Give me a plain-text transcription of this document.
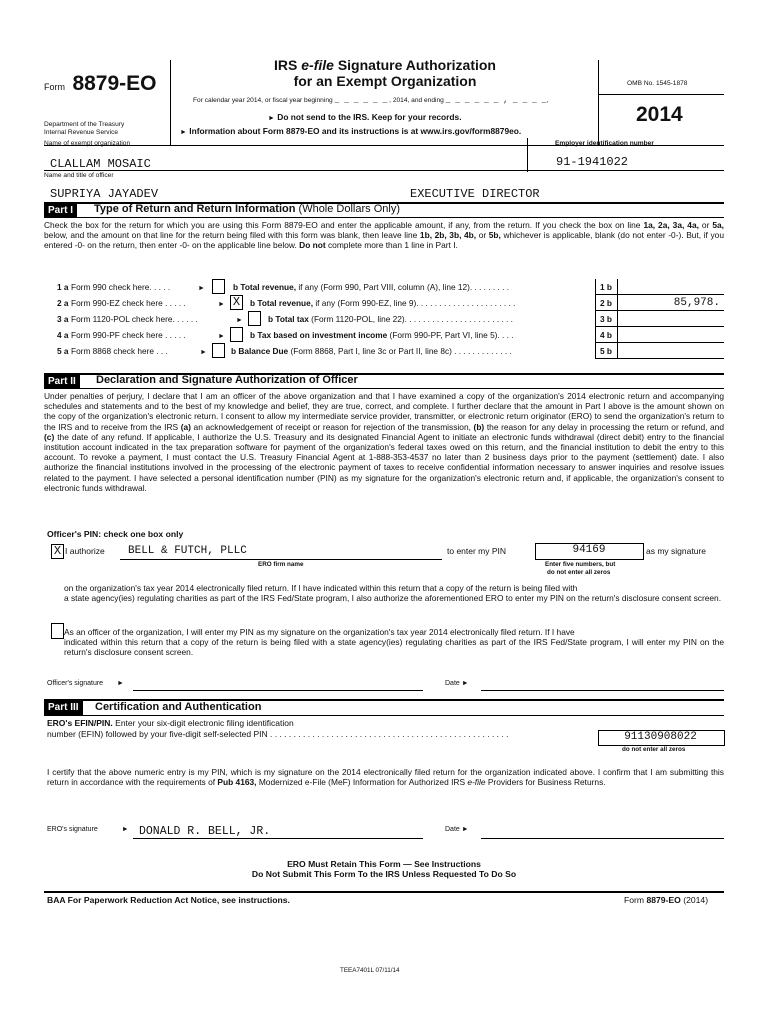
Form 8879-EO
IRS e-file Signature Authorization
for an Exempt Organization
For calendar year 2014, or fiscal year beginning _ _ _ _ _ _ , 2014, and ending _ _ _ _ _ _ , _ _ _ _,
Department of the Treasury
Internal Revenue Service
► Do not send to the IRS. Keep for your records.
► Information about Form 8879-EO and its instructions is at www.irs.gov/form8879eo.
OMB No. 1545-1878
2014
Name of exempt organization	Employer identification number
CLALLAM MOSAIC	91-1941022
Name and title of officer
SUPRIYA JAYADEV	EXECUTIVE DIRECTOR
Part I	Type of Return and Return Information (Whole Dollars Only)
Check the box for the return for which you are using this Form 8879-EO and enter the applicable amount, if any, from the return. If you check the box on line 1a, 2a, 3a, 4a, or 5a, below, and the amount on that line for the return being filed with this form was blank, then leave line 1b, 2b, 3b, 4b, or 5b, whichever is applicable, blank (do not enter -0-). But, if you entered -0- on the return, then enter -0- on the applicable line below. Do not complete more than 1 line in Part I.
1 a Form 990 check here. . . . .	►	b Total revenue, if any (Form 990, Part VIII, column (A), line 12). . . . . . . . .	1 b
2 a Form 990-EZ check here . . . . .	► X	b Total revenue, if any (Form 990-EZ, line 9). . . . . . . . . . . . . . . . . . . . . .	2 b	85,978.
3 a Form 1120-POL check here. . . . . .	►	b Total tax (Form 1120-POL, line 22). . . . . . . . . . . . . . . . . . . . . . . .	3 b
4 a Form 990-PF check here . . . . .	►	b Tax based on investment income (Form 990-PF, Part VI, line 5). . . .	4 b
5 a Form 8868 check here . . .	►	b Balance Due (Form 8868, Part I, line 3c or Part II, line 8c) . . . . . . . . . . . . .	5 b
Part II	Declaration and Signature Authorization of Officer
Under penalties of perjury, I declare that I am an officer of the above organization and that I have examined a copy of the organization's 2014 electronic return and accompanying schedules and statements and to the best of my knowledge and belief, they are true, correct, and complete. I further declare that the amount in Part I above is the amount shown on the copy of the organization's electronic return. I consent to allow my intermediate service provider, transmitter, or electronic return originator (ERO) to send the organization's return to the IRS and to receive from the IRS (a) an acknowledgement of receipt or reason for rejection of the transmission, (b) the reason for any delay in processing the return or refund, and (c) the date of any refund. If applicable, I authorize the U.S. Treasury and its designated Financial Agent to initiate an electronic funds withdrawal (direct debit) entry to the financial institution account indicated in the tax preparation software for payment of the organization's federal taxes owed on this return, and the financial institution to debit the entry to this account. To revoke a payment, I must contact the U.S. Treasury Financial Agent at 1-888-353-4537 no later than 2 business days prior to the payment (settlement) date. I also authorize the financial institutions involved in the processing of the electronic payment of taxes to receive confidential information necessary to answer inquiries and resolve issues related to the payment. I have selected a personal identification number (PIN) as my signature for the organization's electronic return and, if applicable, the organization's consent to electronic funds withdrawal.
Officer's PIN: check one box only
X I authorize BELL & FUTCH, PLLC
ERO firm name
to enter my PIN	94169	as my signature
Enter five numbers, but
do not enter all zeros
on the organization's tax year 2014 electronically filed return. If I have indicated within this return that a copy of the return is being filed with
a state agency(ies) regulating charities as part of the IRS Fed/State program, I also authorize the aforementioned ERO to enter my PIN on the return's disclosure consent screen.
As an officer of the organization, I will enter my PIN as my signature on the organization's tax year 2014 electronically filed return. If I have
indicated within this return that a copy of the return is being filed with a state agency(ies) regulating charities as part of the IRS Fed/State program, I will enter my PIN on the return's disclosure consent screen.
Officer's signature ►	Date ►
Part III	Certification and Authentication
ERO's EFIN/PIN. Enter your six-digit electronic filing identification
number (EFIN) followed by your five-digit self-selected PIN . . . . . . . . . . . . . . . . . . . . . . . . . . . . . . . . . . . . . . . . . . . . . . . . . . .	91130908022
do not enter all zeros
I certify that the above numeric entry is my PIN, which is my signature on the 2014 electronically filed return for the organization indicated above. I confirm that I am submitting this return in accordance with the requirements of Pub 4163, Modernized e-File (MeF) Information for Authorized IRS e-file Providers for Business Returns.
ERO's signature	► DONALD R. BELL, JR.	Date ►
ERO Must Retain This Form — See Instructions
Do Not Submit This Form To the IRS Unless Requested To Do So
BAA For Paperwork Reduction Act Notice, see instructions.	Form 8879-EO (2014)
TEEA7401L 07/11/14
